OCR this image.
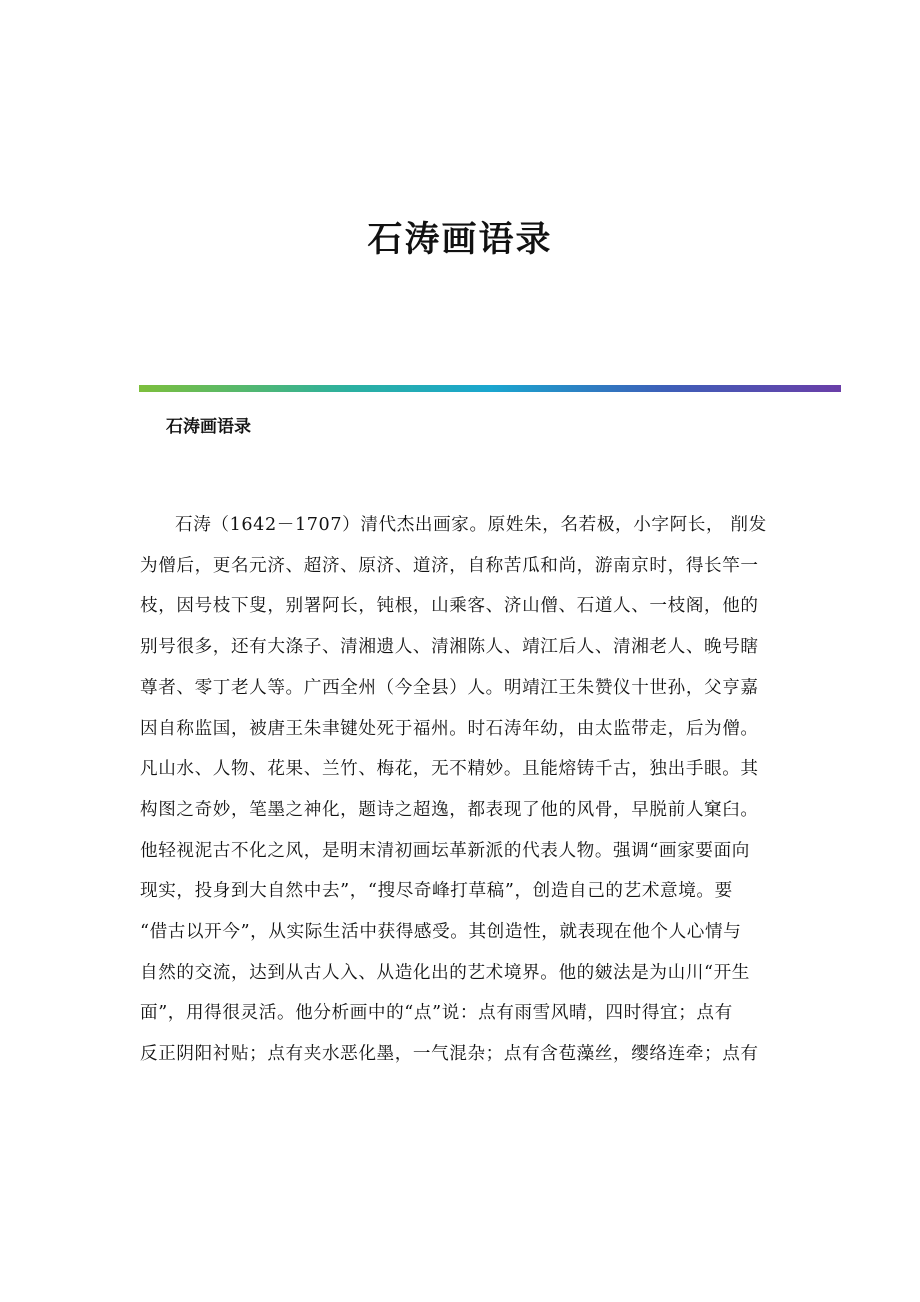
石涛画语录
石涛画语录
石涛（1642－1707）清代杰出画家。原姓朱，名若极，小字阿长， 削发
为僧后，更名元济、超济、原济、道济，自称苦瓜和尚，游南京时，得长竿一
枝，因号枝下叟，别署阿长，钝根，山乘客、济山僧、石道人、一枝阁，他的
别号很多，还有大涤子、清湘遗人、清湘陈人、靖江后人、清湘老人、晚号瞎
尊者、零丁老人等。广西全州（今全县）人。明靖江王朱赞仪十世孙，父亨嘉
因自称监国，被唐王朱聿键处死于福州。时石涛年幼，由太监带走，后为僧。
凡山水、人物、花果、兰竹、梅花，无不精妙。且能熔铸千古，独出手眼。其
构图之奇妙，笔墨之神化，题诗之超逸，都表现了他的风骨，早脱前人窠臼。
他轻视泥古不化之风，是明末清初画坛革新派的代表人物。强调“画家要面向
现实，投身到大自然中去”，“搜尽奇峰打草稿”，创造自己的艺术意境。要
“借古以开今”，从实际生活中获得感受。其创造性，就表现在他个人心情与
自然的交流，达到从古人入、从造化出的艺术境界。他的皴法是为山川“开生
面”，用得很灵活。他分析画中的“点”说：点有雨雪风晴，四时得宜；点有
反正阴阳衬贴；点有夹水恶化墨，一气混杂；点有含苞藻丝，缨络连牵；点有
